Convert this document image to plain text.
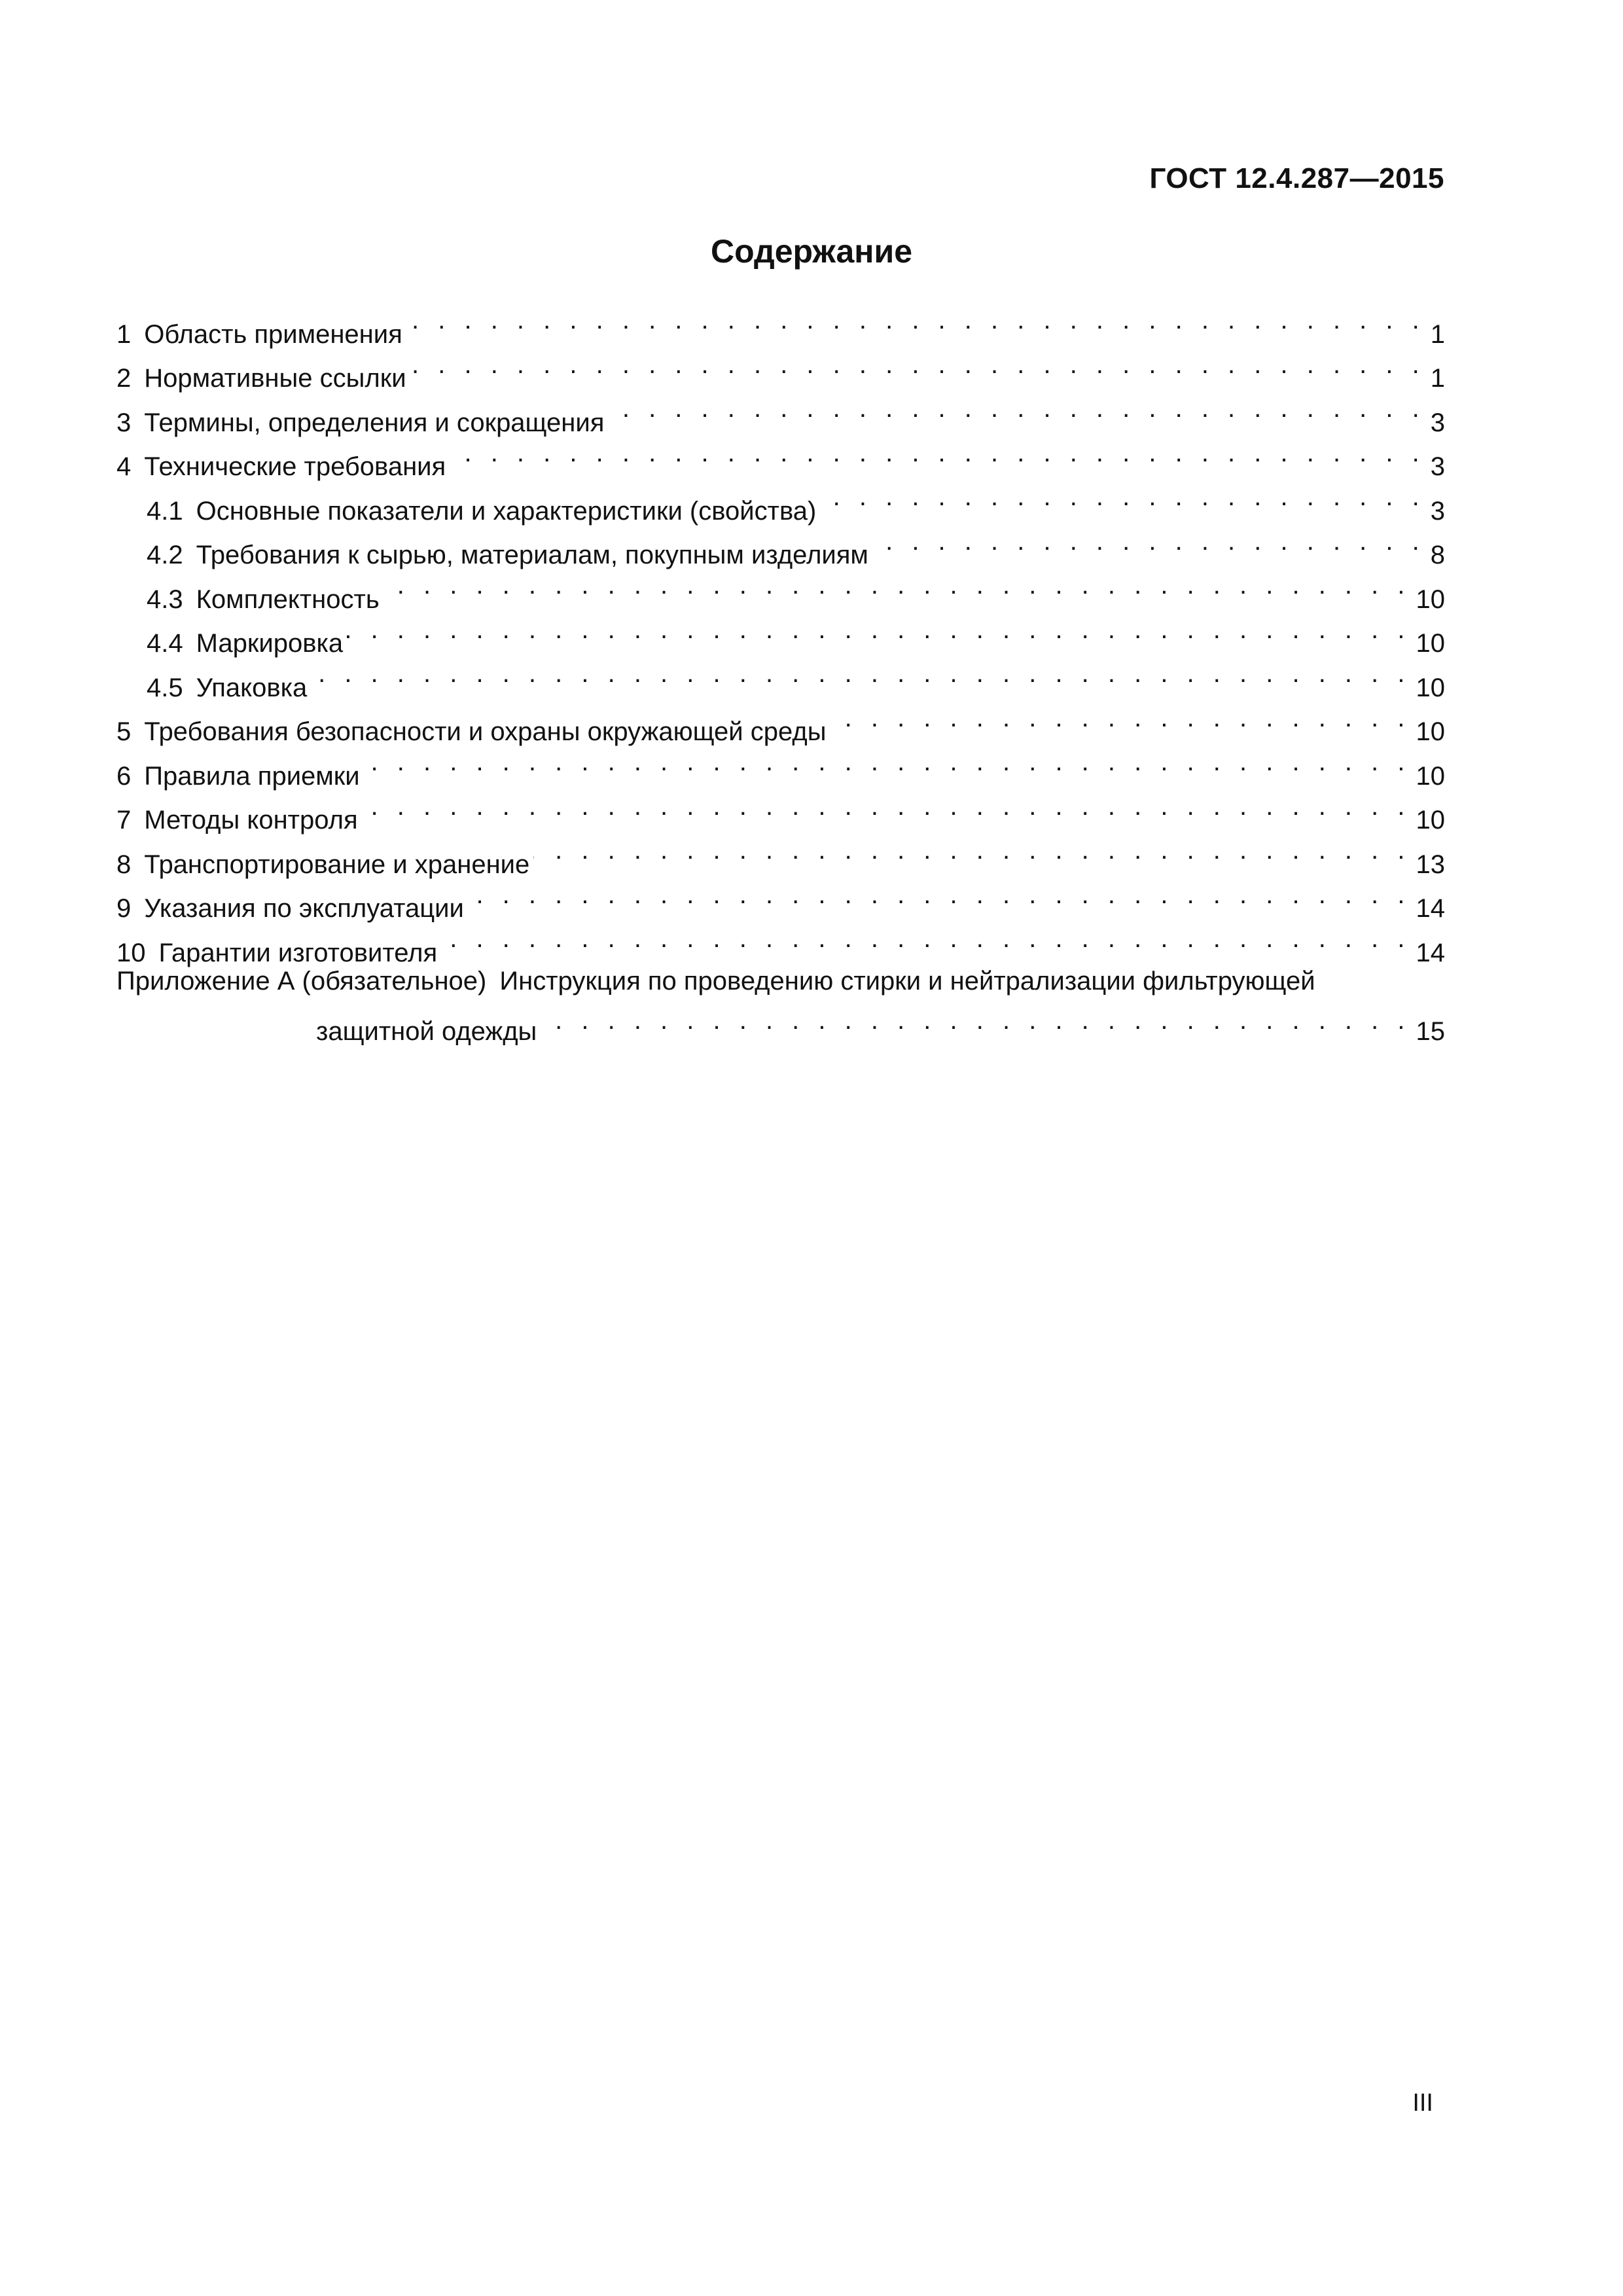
ГОСТ 12.4.287—2015
Содержание
1 Область применения . . .	1
2 Нормативные ссылки . . .	1
3 Термины, определения и сокращения . . .	3
4 Технические требования . . .	3
4.1 Основные показатели и характеристики (свойства) . . .	3
4.2 Требования к сырью, материалам, покупным изделиям . . .	8
4.3 Комплектность . . .	10
4.4 Маркировка . . .	10
4.5 Упаковка . . .	10
5 Требования безопасности и охраны окружающей среды . . .	10
6 Правила приемки . . .	10
7 Методы контроля . . .	10
8 Транспортирование и хранение . . .	13
9 Указания по эксплуатации . . .	14
10 Гарантии изготовителя . . .	14
Приложение А (обязательное) Инструкция по проведению стирки и нейтрализации фильтрующей
защитной одежды . . .	15
III
